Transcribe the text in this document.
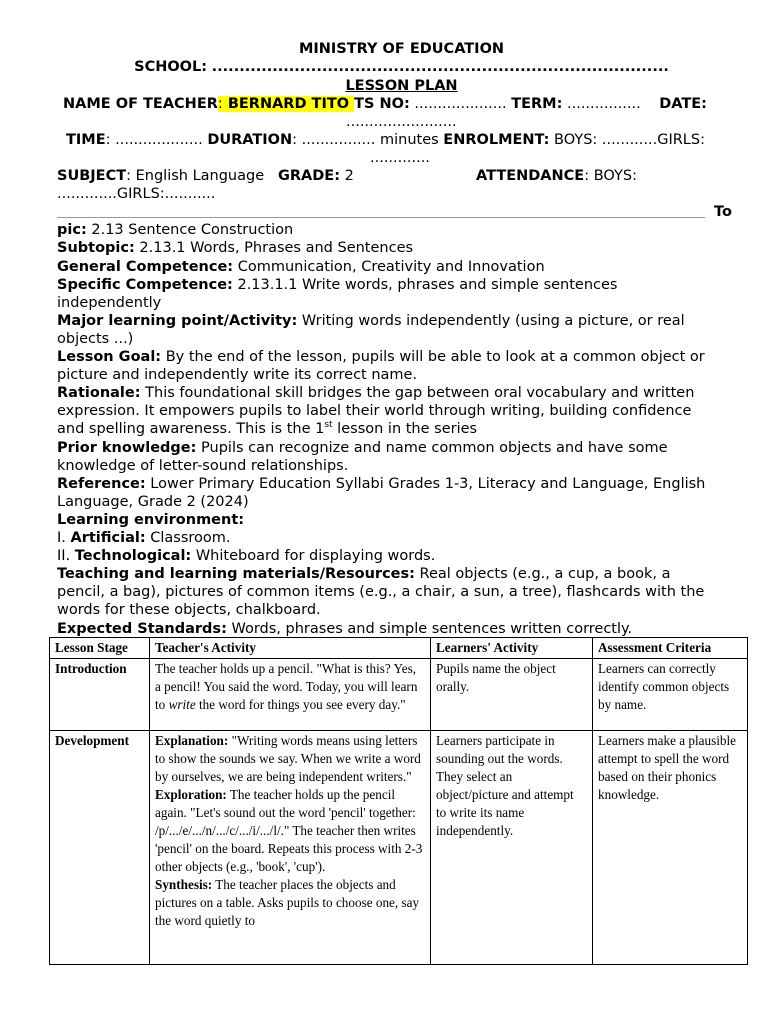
MINISTRY OF EDUCATION
SCHOOL: ...................................................................................
LESSON PLAN
NAME OF TEACHER: BERNARD TITO TS NO: .................... TERM: ................ DATE:
........................
TIME: ................... DURATION: ................ minutes ENROLMENT: BOYS: ............GIRLS:
.............
SUBJECT: English Language GRADE: 2	ATTENDANCE: BOYS:
.............GIRLS:...........
To
pic: 2.13 Sentence Construction
Subtopic: 2.13.1 Words, Phrases and Sentences
General Competence: Communication, Creativity and Innovation
Specific Competence: 2.13.1.1 Write words, phrases and simple sentences
independently
Major learning point/Activity: Writing words independently (using a picture, or real
objects ...)
Lesson Goal: By the end of the lesson, pupils will be able to look at a common object or
picture and independently write its correct name.
Rationale: This foundational skill bridges the gap between oral vocabulary and written
expression. It empowers pupils to label their world through writing, building confidence
and spelling awareness. This is the 1st lesson in the series
Prior knowledge: Pupils can recognize and name common objects and have some
knowledge of letter-sound relationships.
Reference: Lower Primary Education Syllabi Grades 1-3, Literacy and Language, English
Language, Grade 2 (2024)
Learning environment:
I. Artificial: Classroom.
II. Technological: Whiteboard for displaying words.
Teaching and learning materials/Resources: Real objects (e.g., a cup, a book, a
pencil, a bag), pictures of common items (e.g., a chair, a sun, a tree), flashcards with the
words for these objects, chalkboard.
Expected Standards: Words, phrases and simple sentences written correctly.
Lesson Stage	Teacher's Activity	Learners' Activity	Assessment Criteria
Introduction	The teacher holds up a pencil. "What is this? Yes, a pencil! You said the word. Today, you will learn to write the word for things you see every day."	Pupils name the object orally.	Learners can correctly identify common objects by name.
Development	Explanation: "Writing words means using letters to show the sounds we say. When we write a word by ourselves, we are being independent writers."
Exploration: The teacher holds up the pencil again. "Let's sound out the word 'pencil' together: /p/.../e/.../n/.../c/.../i/.../l/." The teacher then writes 'pencil' on the board. Repeats this process with 2-3 other objects (e.g., 'book', 'cup').
Synthesis: The teacher places the objects and pictures on a table. Asks pupils to choose one, say the word quietly to	Learners participate in sounding out the words. They select an object/picture and attempt to write its name independently.	Learners make a plausible attempt to spell the word based on their phonics knowledge.
